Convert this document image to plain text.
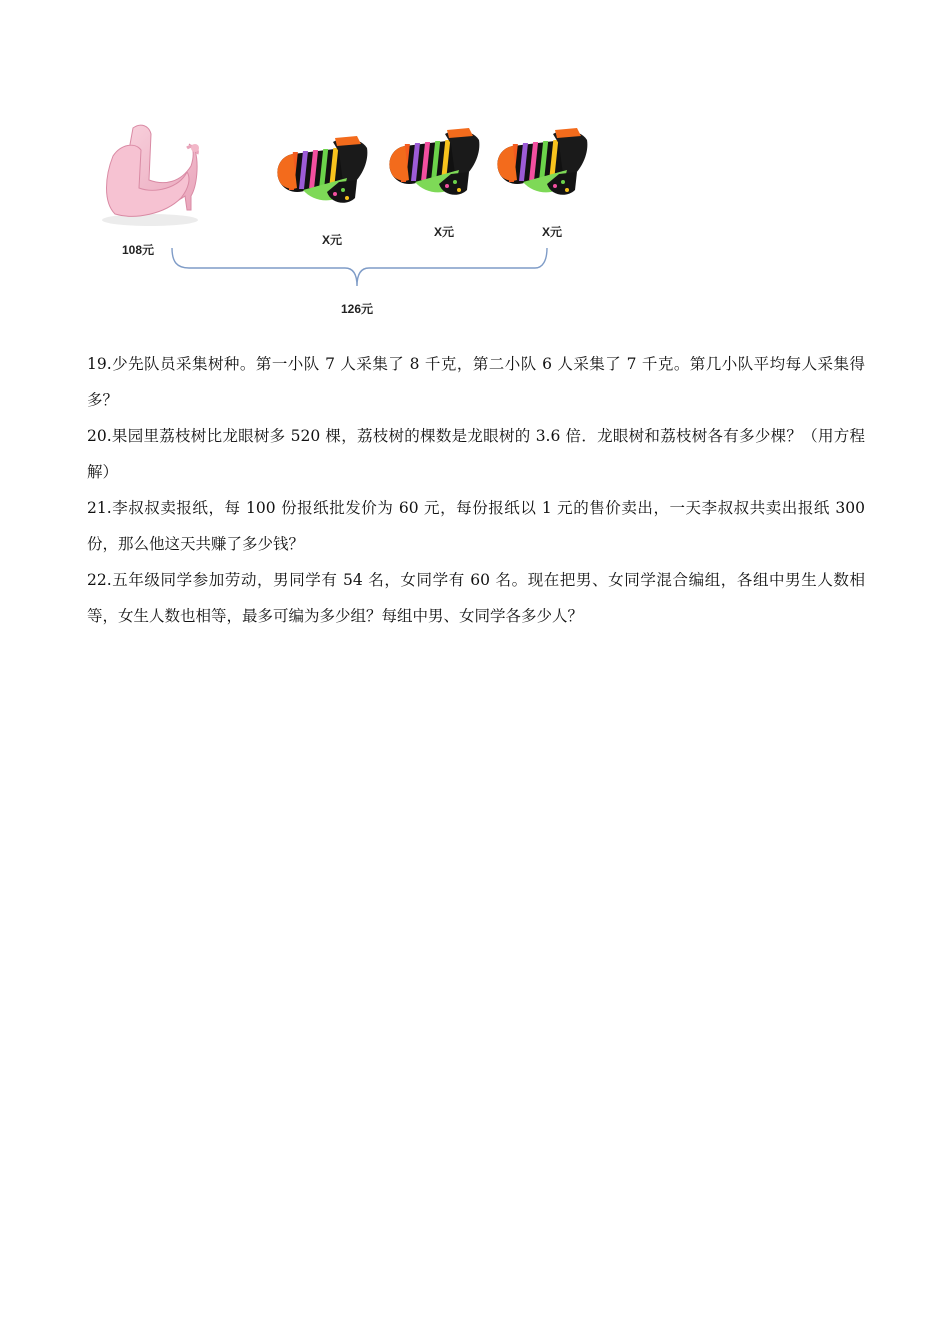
108元
X元
X元	X元
126元

19.少先队员采集树种。第一小队 7 人采集了 8 千克，第二小队 6 人采集了 7 千克。第几小队平均每人采集得多？

20.果园里荔枝树比龙眼树多 520 棵，荔枝树的棵数是龙眼树的 3.6 倍．龙眼树和荔枝树各有多少棵？（用方程解）

21.李叔叔卖报纸，每 100 份报纸批发价为 60 元，每份报纸以 1 元的售价卖出，一天李叔叔共卖出报纸 300 份，那么他这天共赚了多少钱？

22.五年级同学参加劳动，男同学有 54 名，女同学有 60 名。现在把男、女同学混合编组，各组中男生人数相等，女生人数也相等，最多可编为多少组？每组中男、女同学各多少人？
